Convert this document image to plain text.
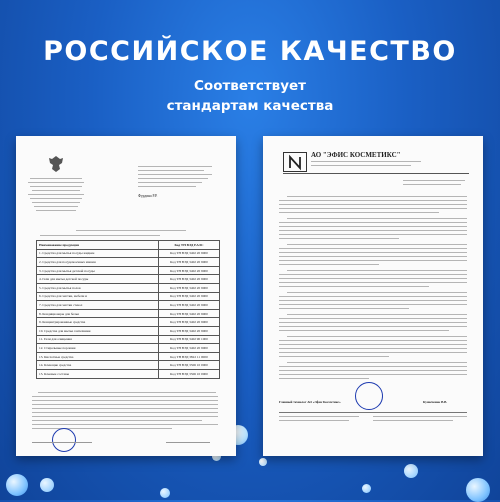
РОССИЙСКОЕ КАЧЕСТВО
Соответствует
стандартам качества
Фурдина Р.Р.
Наименование продукции	Код ТН ВЭД ЕАЭС
1. Средства для мытья посуды жидкие	Код ТН ВЭД 3402 20 9000
2. Средства для посудомоечных машин	Код ТН ВЭД 3402 20 9000
3. Средства для мытья детской посуды	Код ТН ВЭД 3402 20 9000
4. Гели для мытья детской посуды	Код ТН ВЭД 3402 20 9000
5. Средства для мытья полов	Код ТН ВЭД 3402 20 9000
6. Средства для чистки, мебели и	Код ТН ВЭД 3402 20 9000
7. Средства для чистки стекол	Код ТН ВЭД 3402 20 9000
8. Кондиционеры для белья	Код ТН ВЭД 3402 20 9000
9. Концентрированные средства	Код ТН ВЭД 3402 20 9000
10. Средства для мытья сантехники	Код ТН ВЭД 3402 20 9000
11. Гели для очищения	Код ТН ВЭД 3402 90 1000
12. Стиральные порошки	Код ТН ВЭД 3402 20 9000
13. Кислотные средства	Код ТН ВЭД 3822 11 0000
14. Клеющие средства	Код ТН ВЭД 3506 10 0000
15. Клеевые составы	Код ТН ВЭД 3506 10 0000
АО "ЭФИС КОСМЕТИКС"
Главный технолог АО «Эфис Космэтикс»	Кузнеченок В.В.
